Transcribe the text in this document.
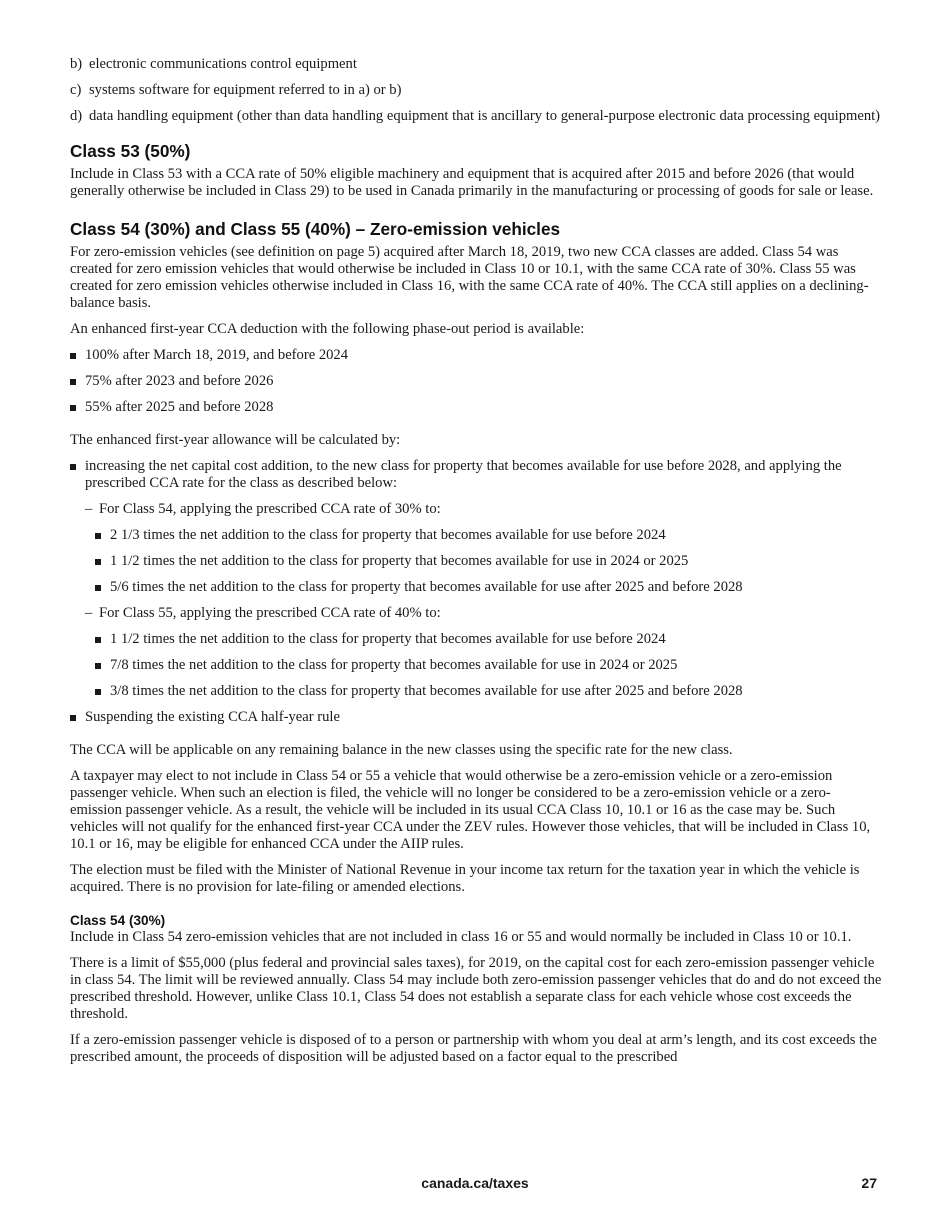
b) electronic communications control equipment
c) systems software for equipment referred to in a) or b)
d) data handling equipment (other than data handling equipment that is ancillary to general-purpose electronic data processing equipment)
Class 53 (50%)

Include in Class 53 with a CCA rate of 50% eligible machinery and equipment that is acquired after 2015 and before 2026 (that would generally otherwise be included in Class 29) to be used in Canada primarily in the manufacturing or processing of goods for sale or lease.

Class 54 (30%) and Class 55 (40%) – Zero-emission vehicles

For zero-emission vehicles (see definition on page 5) acquired after March 18, 2019, two new CCA classes are added. Class 54 was created for zero emission vehicles that would otherwise be included in Class 10 or 10.1, with the same CCA rate of 30%. Class 55 was created for zero emission vehicles otherwise included in Class 16, with the same CCA rate of 40%. The CCA still applies on a declining-balance basis.

An enhanced first-year CCA deduction with the following phase-out period is available:

100% after March 18, 2019, and before 2024
75% after 2023 and before 2026
55% after 2025 and before 2028

The enhanced first-year allowance will be calculated by:

increasing the net capital cost addition, to the new class for property that becomes available for use before 2028, and applying the prescribed CCA rate for the class as described below:
– For Class 54, applying the prescribed CCA rate of 30% to:
2 1/3 times the net addition to the class for property that becomes available for use before 2024
1 1/2 times the net addition to the class for property that becomes available for use in 2024 or 2025
5/6 times the net addition to the class for property that becomes available for use after 2025 and before 2028
– For Class 55, applying the prescribed CCA rate of 40% to:
1 1/2 times the net addition to the class for property that becomes available for use before 2024
7/8 times the net addition to the class for property that becomes available for use in 2024 or 2025
3/8 times the net addition to the class for property that becomes available for use after 2025 and before 2028
Suspending the existing CCA half-year rule

The CCA will be applicable on any remaining balance in the new classes using the specific rate for the new class.

A taxpayer may elect to not include in Class 54 or 55 a vehicle that would otherwise be a zero-emission vehicle or a zero-emission passenger vehicle. When such an election is filed, the vehicle will no longer be considered to be a zero-emission vehicle or a zero-emission passenger vehicle. As a result, the vehicle will be included in its usual CCA Class 10, 10.1 or 16 as the case may be. Such vehicles will not qualify for the enhanced first-year CCA under the ZEV rules. However those vehicles, that will be included in Class 10, 10.1 or 16, may be eligible for enhanced CCA under the AIIP rules.

The election must be filed with the Minister of National Revenue in your income tax return for the taxation year in which the vehicle is acquired. There is no provision for late-filing or amended elections.

Class 54 (30%)

Include in Class 54 zero-emission vehicles that are not included in class 16 or 55 and would normally be included in Class 10 or 10.1.

There is a limit of $55,000 (plus federal and provincial sales taxes), for 2019, on the capital cost for each zero-emission passenger vehicle in class 54. The limit will be reviewed annually. Class 54 may include both zero-emission passenger vehicles that do and do not exceed the prescribed threshold. However, unlike Class 10.1, Class 54 does not establish a separate class for each vehicle whose cost exceeds the threshold.

If a zero-emission passenger vehicle is disposed of to a person or partnership with whom you deal at arm’s length, and its cost exceeds the prescribed amount, the proceeds of disposition will be adjusted based on a factor equal to the prescribed

canada.ca/taxes	27
